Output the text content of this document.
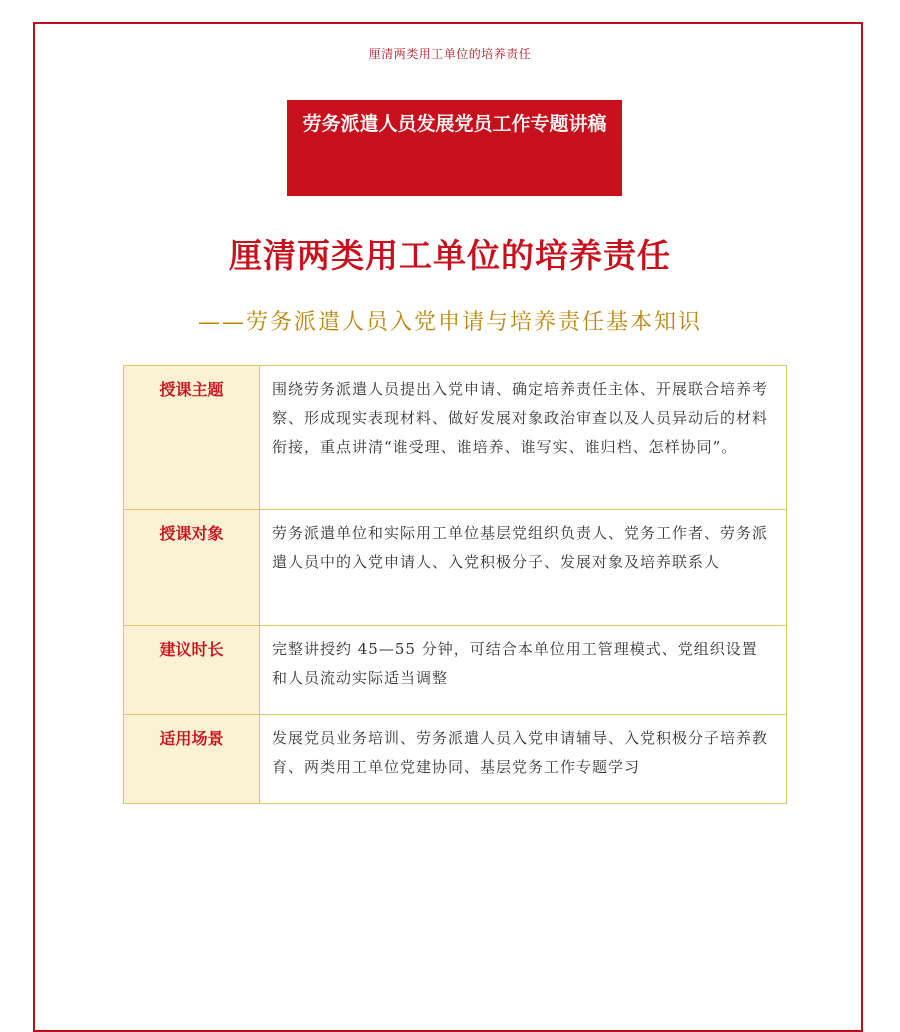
厘清两类用工单位的培养责任
劳务派遣人员发展党员工作专题讲稿
厘清两类用工单位的培养责任
——劳务派遣人员入党申请与培养责任基本知识
授课主题	围绕劳务派遣人员提出入党申请、确定培养责任主体、开展联合培养考察、形成现实表现材料、做好发展对象政治审查以及人员异动后的材料衔接，重点讲清“谁受理、谁培养、谁写实、谁归档、怎样协同”。
授课对象	劳务派遣单位和实际用工单位基层党组织负责人、党务工作者、劳务派遣人员中的入党申请人、入党积极分子、发展对象及培养联系人
建议时长	完整讲授约 45—55 分钟，可结合本单位用工管理模式、党组织设置和人员流动实际适当调整
适用场景	发展党员业务培训、劳务派遣人员入党申请辅导、入党积极分子培养教育、两类用工单位党建协同、基层党务工作专题学习
